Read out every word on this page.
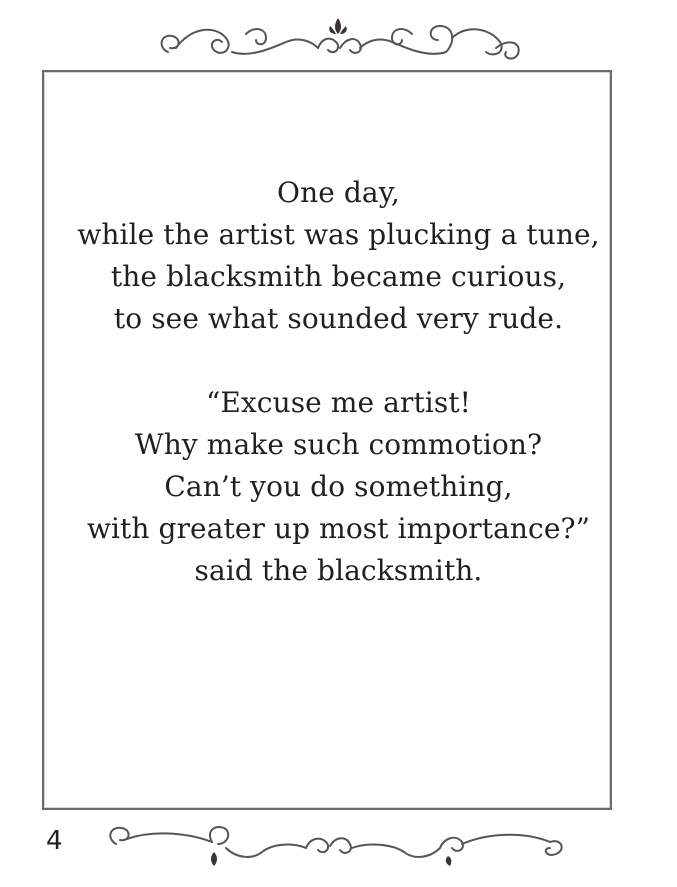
One day,
while the artist was plucking a tune,
the blacksmith became curious,
to see what sounded very rude.

“Excuse me artist!
Why make such commotion?
Can’t you do something,
with greater up most importance?”
said the blacksmith.

4
